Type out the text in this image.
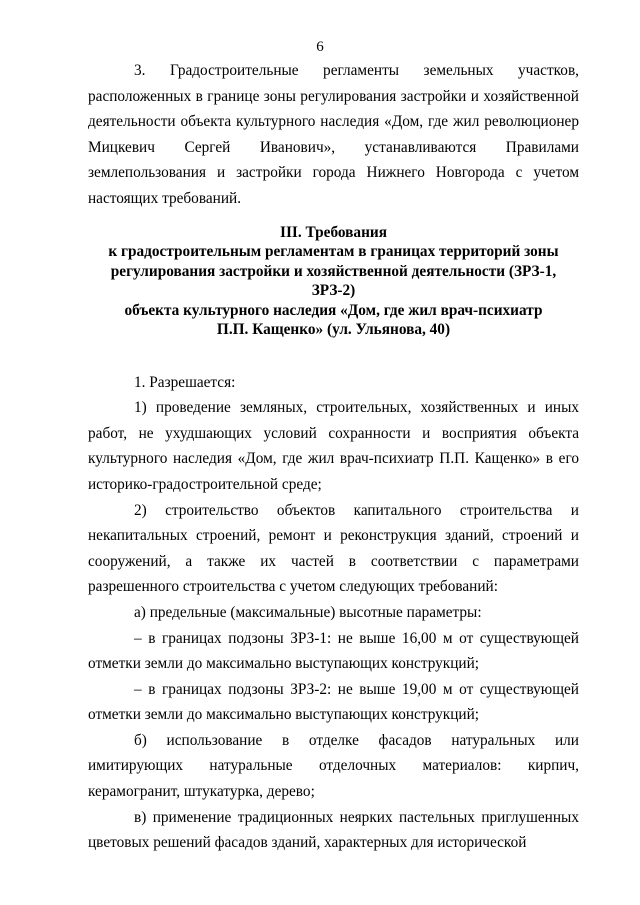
6

3. Градостроительные регламенты земельных участков, расположенных в границе зоны регулирования застройки и хозяйственной деятельности объекта культурного наследия «Дом, где жил революционер Мицкевич Сергей Иванович», устанавливаются Правилами землепользования и застройки города Нижнего Новгорода с учетом настоящих требований.

III. Требования
к градостроительным регламентам в границах территорий зоны
регулирования застройки и хозяйственной деятельности (ЗРЗ-1, ЗРЗ-2)
объекта культурного наследия «Дом, где жил врач-психиатр
П.П. Кащенко» (ул. Ульянова, 40)

1. Разрешается:

1) проведение земляных, строительных, хозяйственных и иных работ, не ухудшающих условий сохранности и восприятия объекта культурного наследия «Дом, где жил врач-психиатр П.П. Кащенко» в его историко-градостроительной среде;

2) строительство объектов капитального строительства и некапитальных строений, ремонт и реконструкция зданий, строений и сооружений, а также их частей в соответствии с параметрами разрешенного строительства с учетом следующих требований:

а) предельные (максимальные) высотные параметры:

– в границах подзоны ЗРЗ-1: не выше 16,00 м от существующей отметки земли до максимально выступающих конструкций;

– в границах подзоны ЗРЗ-2: не выше 19,00 м от существующей отметки земли до максимально выступающих конструкций;

б) использование в отделке фасадов натуральных или имитирующих натуральные отделочных материалов: кирпич, керамогранит, штукатурка, дерево;

в) применение традиционных неярких пастельных приглушенных цветовых решений фасадов зданий, характерных для исторической
